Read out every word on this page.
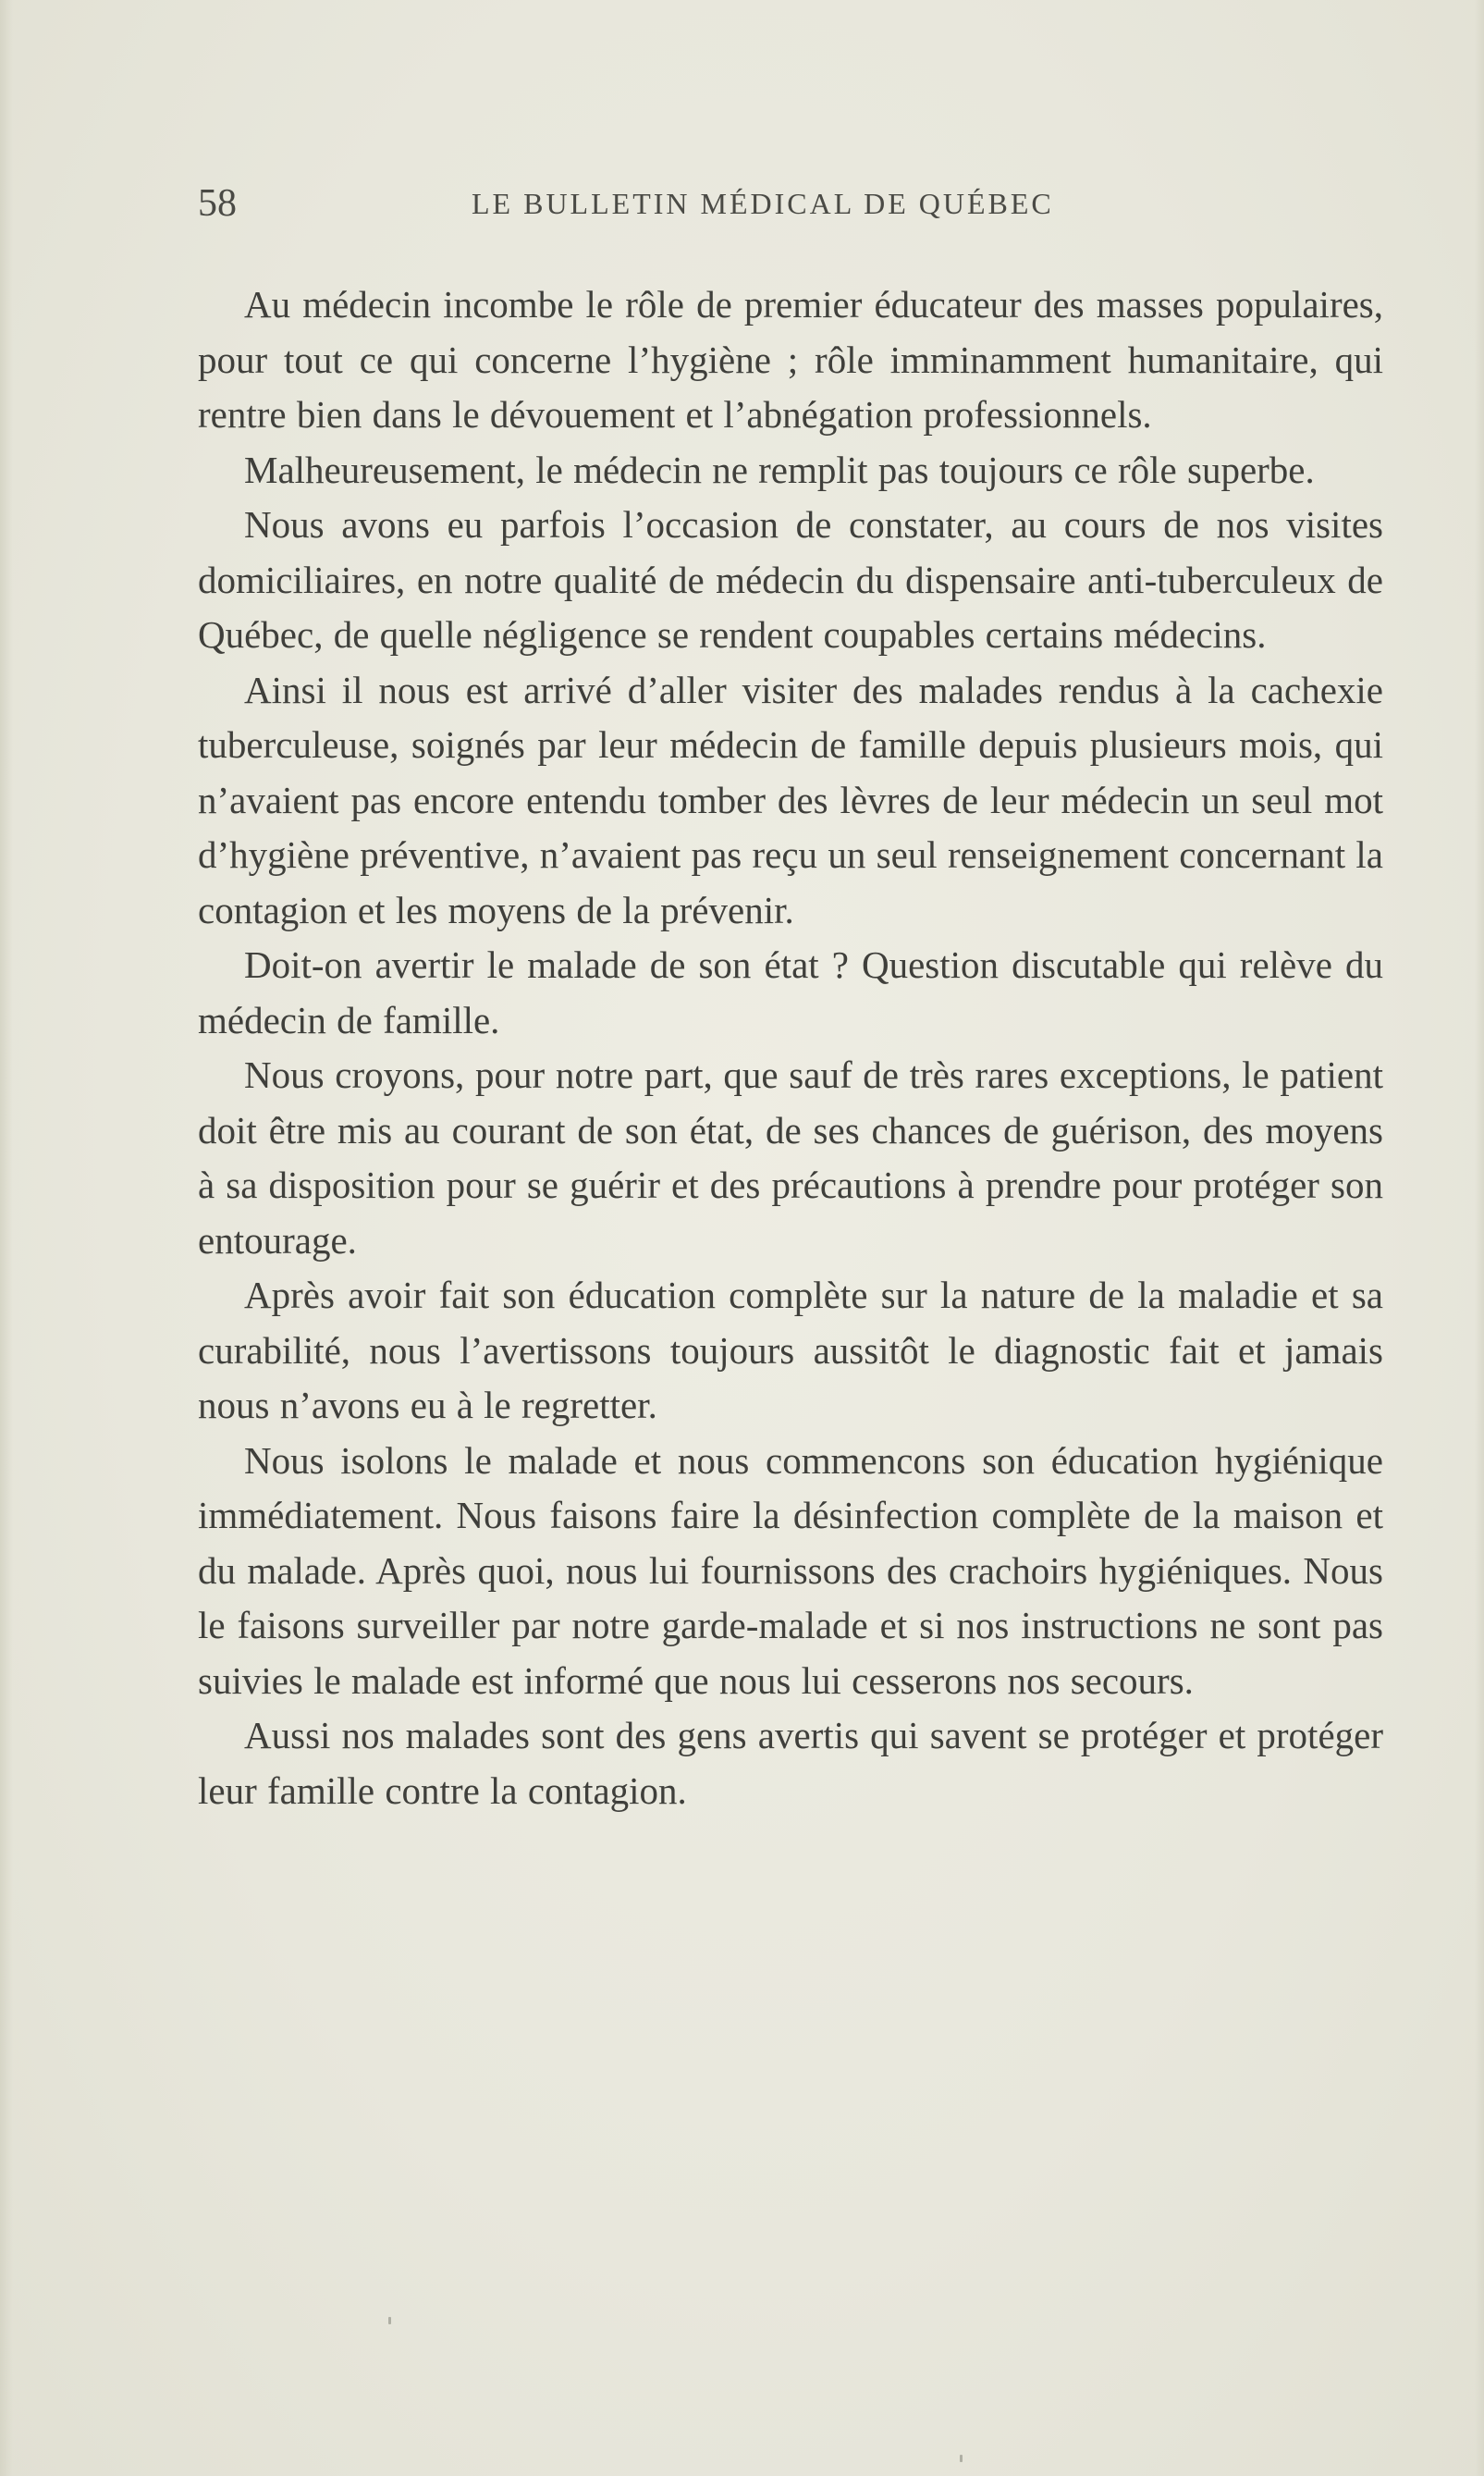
58	LE BULLETIN MÉDICAL DE QUÉBEC

Au médecin incombe le rôle de premier éducateur des masses populaires, pour tout ce qui concerne l’hygiène ; rôle imminamment humanitaire, qui rentre bien dans le dévouement et l’abnégation professionnels.

Malheureusement, le médecin ne remplit pas toujours ce rôle superbe.

Nous avons eu parfois l’occasion de constater, au cours de nos visites domiciliaires, en notre qualité de médecin du dispensaire anti-tuberculeux de Québec, de quelle négligence se rendent coupables certains médecins.

Ainsi il nous est arrivé d’aller visiter des malades rendus à la cachexie tuberculeuse, soignés par leur médecin de famille depuis plusieurs mois, qui n’avaient pas encore entendu tomber des lèvres de leur médecin un seul mot d’hygiène préventive, n’avaient pas reçu un seul renseignement concernant la contagion et les moyens de la prévenir.

Doit-on avertir le malade de son état ? Question discutable qui relève du médecin de famille.

Nous croyons, pour notre part, que sauf de très rares exceptions, le patient doit être mis au courant de son état, de ses chances de guérison, des moyens à sa disposition pour se guérir et des précautions à prendre pour protéger son entourage.

Après avoir fait son éducation complète sur la nature de la maladie et sa curabilité, nous l’avertissons toujours aussitôt le diagnostic fait et jamais nous n’avons eu à le regretter.

Nous isolons le malade et nous commencons son éducation hygiénique immédiatement. Nous faisons faire la désinfection complète de la maison et du malade. Après quoi, nous lui fournissons des crachoirs hygiéniques. Nous le faisons surveiller par notre garde-malade et si nos instructions ne sont pas suivies le malade est informé que nous lui cesserons nos secours.

Aussi nos malades sont des gens avertis qui savent se protéger et protéger leur famille contre la contagion.
